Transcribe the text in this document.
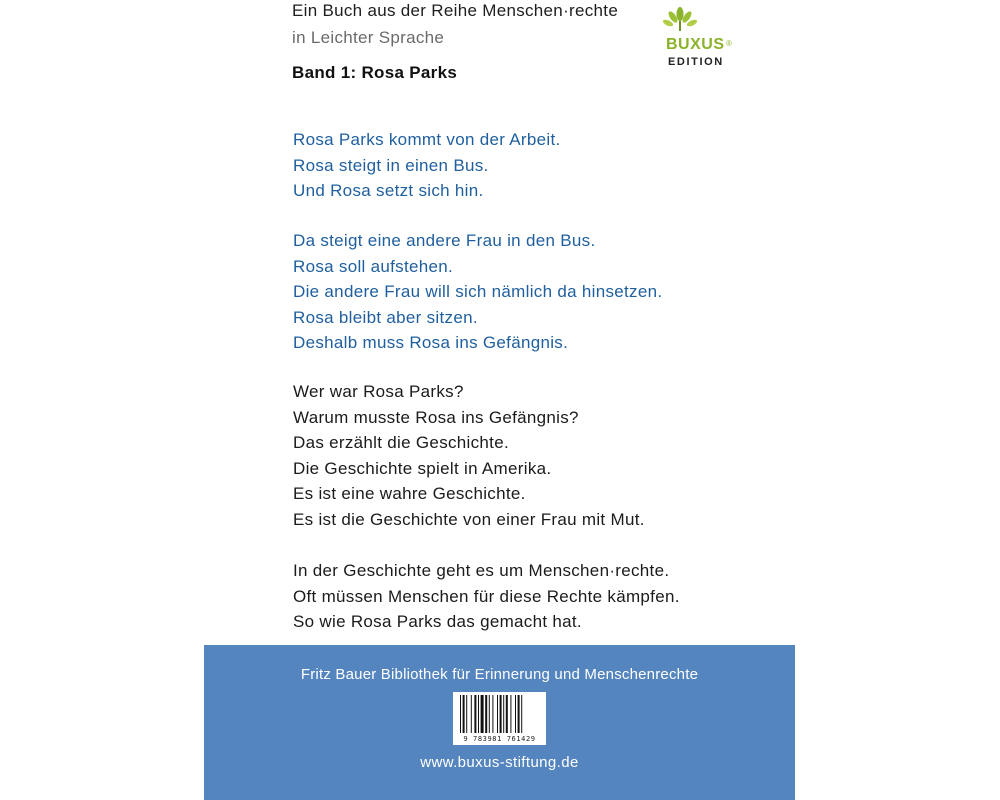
Ein Buch aus der Reihe Menschen·rechte
in Leichter Sprache
Band 1: Rosa Parks
BUXUS ®
EDITION
Rosa Parks kommt von der Arbeit.
Rosa steigt in einen Bus.
Und Rosa setzt sich hin.
Da steigt eine andere Frau in den Bus.
Rosa soll aufstehen.
Die andere Frau will sich nämlich da hinsetzen.
Rosa bleibt aber sitzen.
Deshalb muss Rosa ins Gefängnis.
Wer war Rosa Parks?
Warum musste Rosa ins Gefängnis?
Das erzählt die Geschichte.
Die Geschichte spielt in Amerika.
Es ist eine wahre Geschichte.
Es ist die Geschichte von einer Frau mit Mut.
In der Geschichte geht es um Menschen·rechte.
Oft müssen Menschen für diese Rechte kämpfen.
So wie Rosa Parks das gemacht hat.
Fritz Bauer Bibliothek für Erinnerung und Menschenrechte
9 783981 761429
www.buxus-stiftung.de
